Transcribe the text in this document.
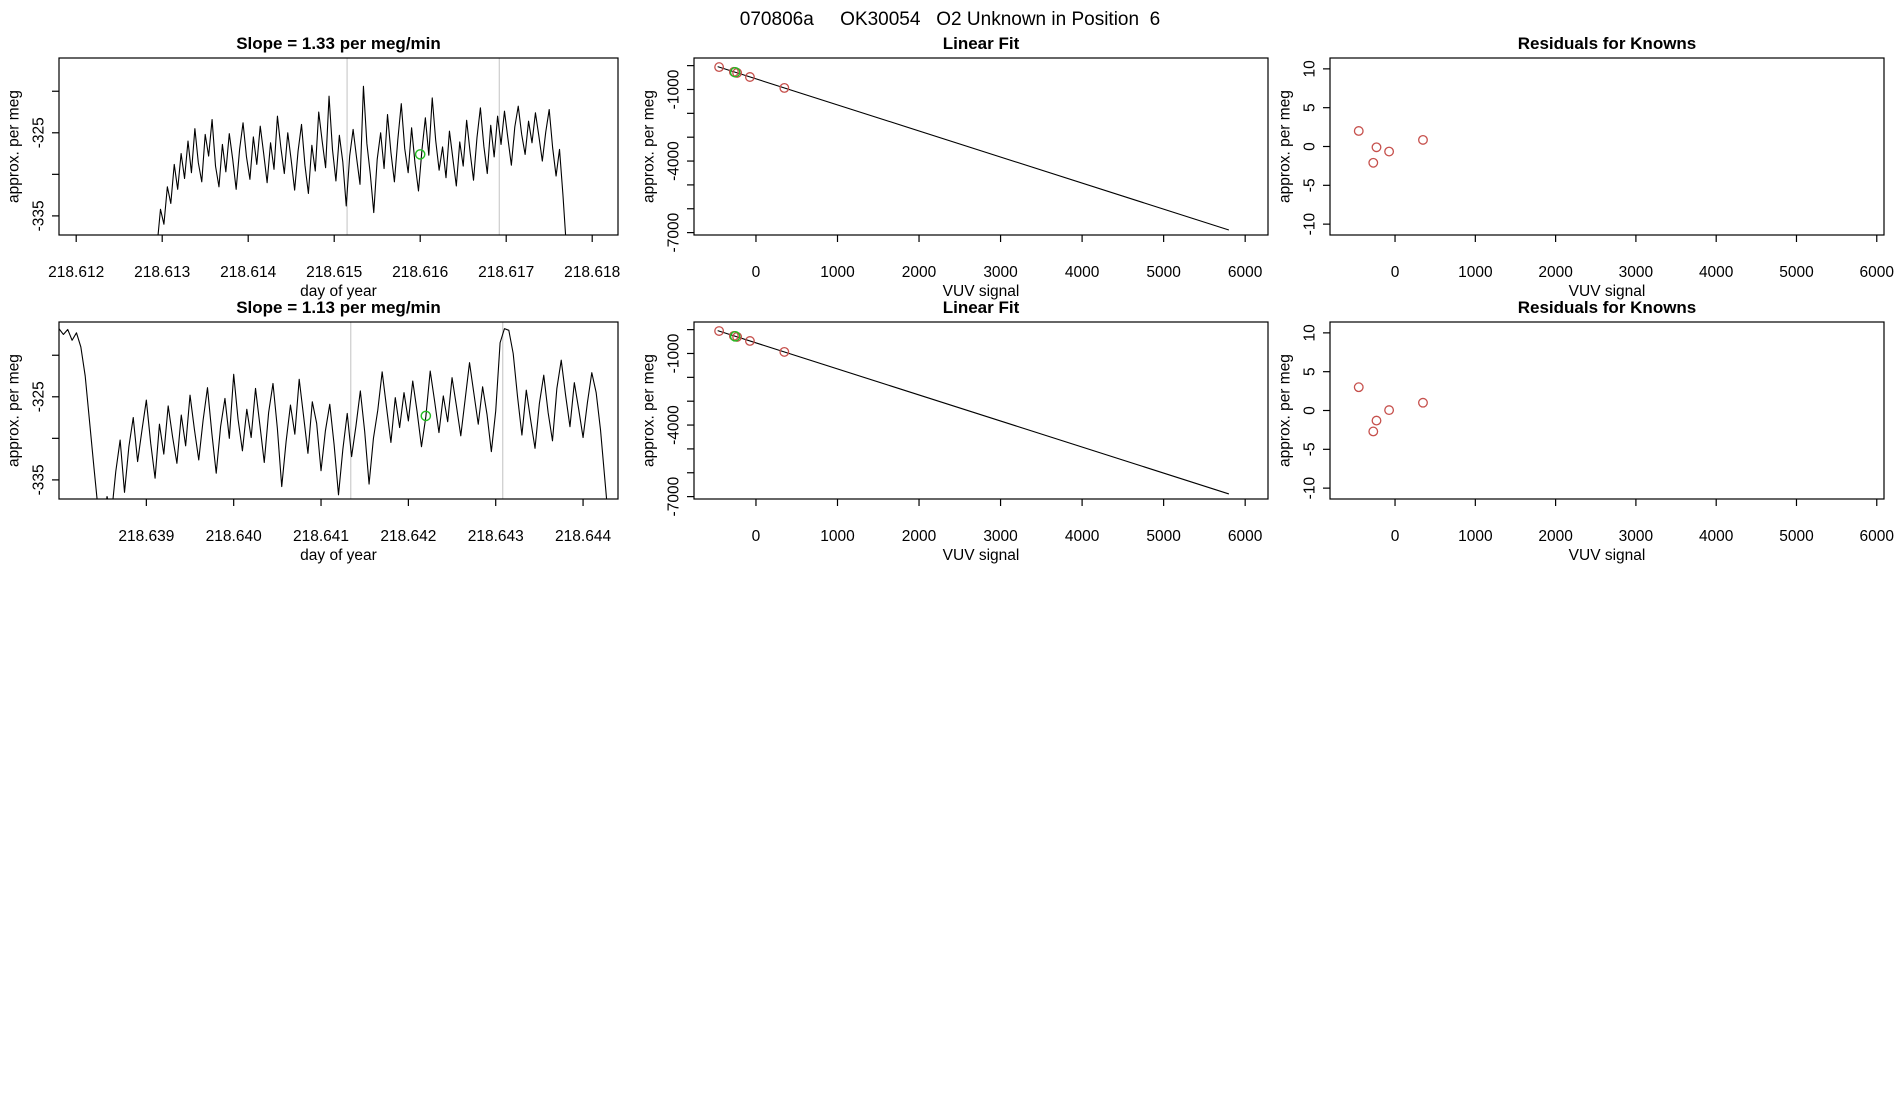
070806a     OK30054   O2 Unknown in Position  6
218.612 218.613 218.614 218.615 218.616 218.617 218.618
-325
-335
Slope = 1.33 per meg/min
day of year
approx. per meg
0	1000	2000	3000	4000	5000	6000
-1000
-4000
-7000
Linear Fit
VUV signal
approx. per meg
0	1000	2000	3000	4000	5000	6000
-10
-5
0
5
10
Residuals for Knowns
VUV signal
approx. per meg
218.639 218.640 218.641 218.642 218.643 218.644
-325
-335
Slope = 1.13 per meg/min
day of year
approx. per meg
0	1000	2000	3000	4000	5000	6000
-1000
-4000
-7000
Linear Fit
VUV signal
approx. per meg
0	1000	2000	3000	4000	5000	6000
-10
-5
0
5
10
Residuals for Knowns
VUV signal
approx. per meg
